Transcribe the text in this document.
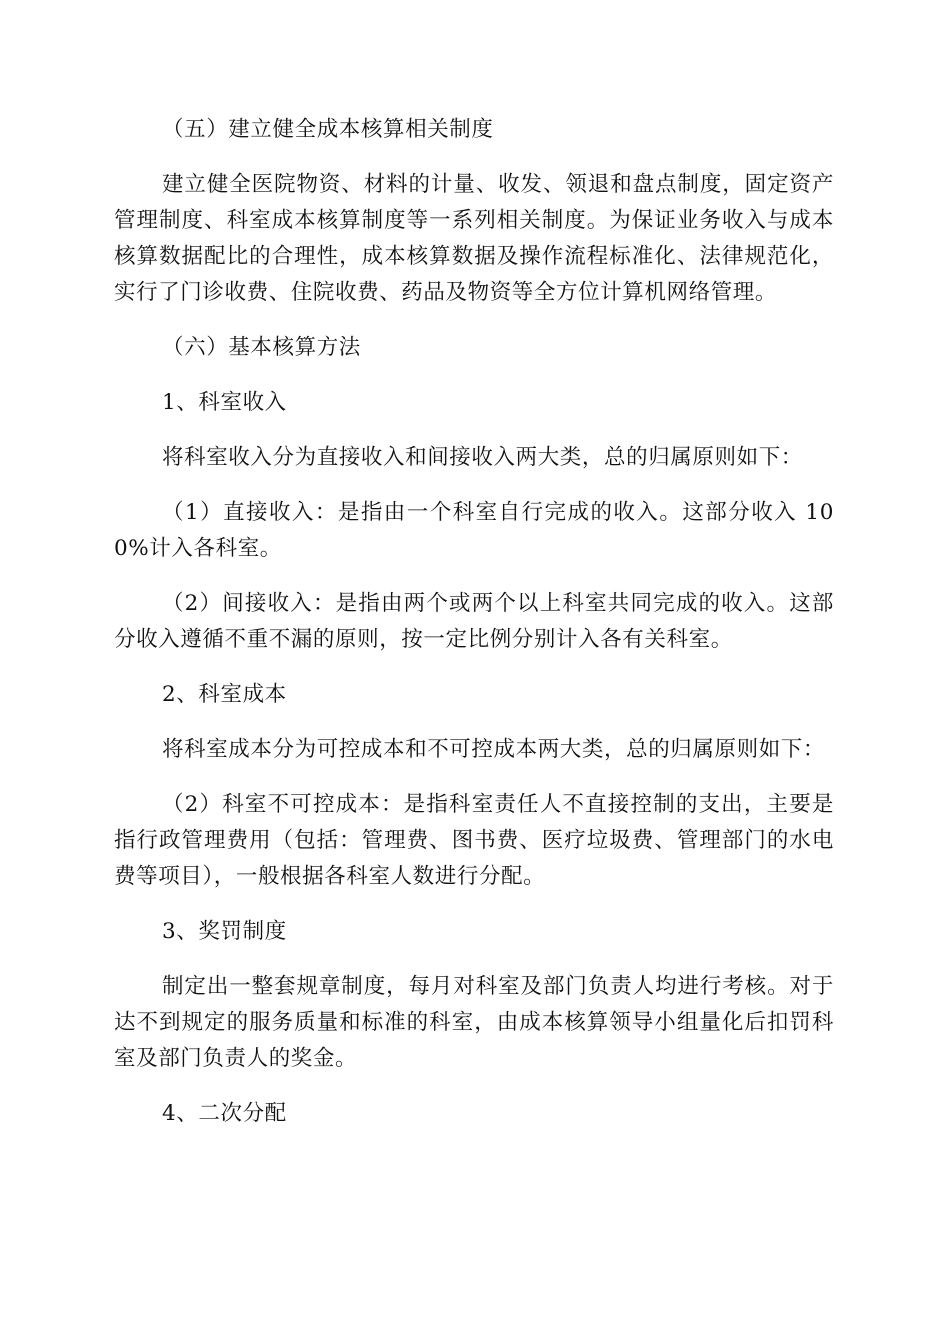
（五）建立健全成本核算相关制度

建立健全医院物资、材料的计量、收发、领退和盘点制度，固定资产管理制度、科室成本核算制度等一系列相关制度。为保证业务收入与成本核算数据配比的合理性，成本核算数据及操作流程标准化、法律规范化，实行了门诊收费、住院收费、药品及物资等全方位计算机网络管理。

（六）基本核算方法

1、科室收入

将科室收入分为直接收入和间接收入两大类，总的归属原则如下：

（1）直接收入：是指由一个科室自行完成的收入。这部分收入 100%计入各科室。

（2）间接收入：是指由两个或两个以上科室共同完成的收入。这部分收入遵循不重不漏的原则，按一定比例分别计入各有关科室。

2、科室成本

将科室成本分为可控成本和不可控成本两大类，总的归属原则如下：

（2）科室不可控成本：是指科室责任人不直接控制的支出，主要是指行政管理费用（包括：管理费、图书费、医疗垃圾费、管理部门的水电费等项目），一般根据各科室人数进行分配。

3、奖罚制度

制定出一整套规章制度，每月对科室及部门负责人均进行考核。对于达不到规定的服务质量和标准的科室，由成本核算领导小组量化后扣罚科室及部门负责人的奖金。

4、二次分配
